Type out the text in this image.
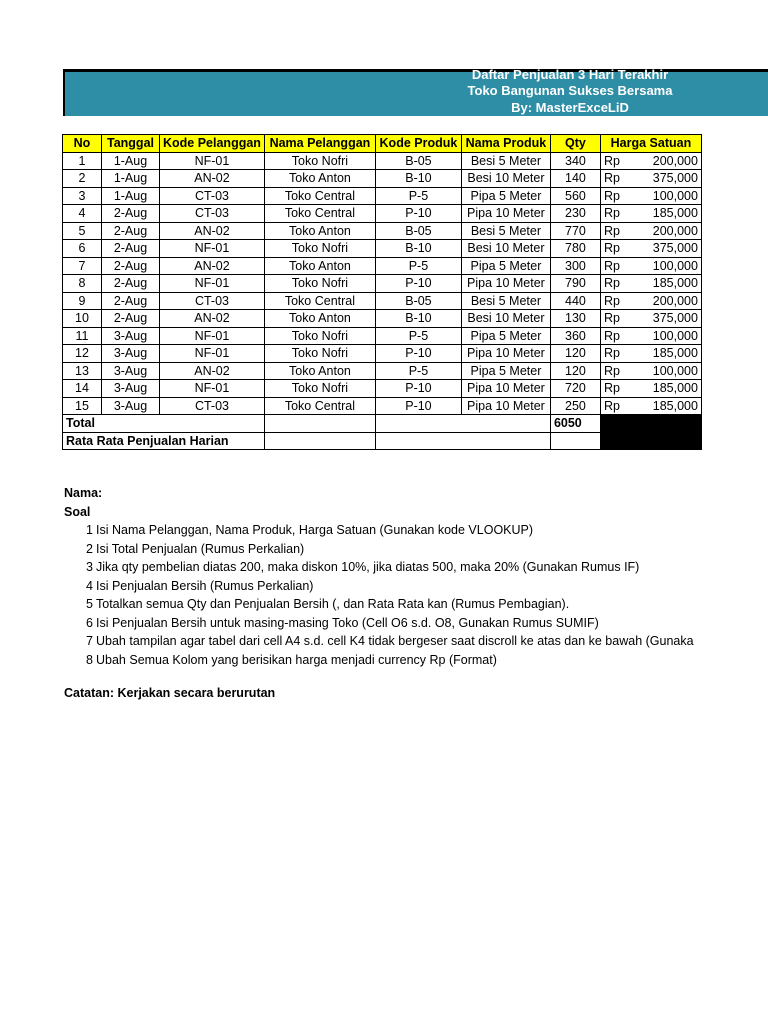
Daftar Penjualan 3 Hari Terakhir
Toko Bangunan Sukses Bersama
By: MasterExceLiD
No	Tanggal	Kode Pelanggan	Nama Pelanggan	Kode Produk	Nama Produk	Qty	Harga Satuan	
1	1-Aug	NF-01	Toko Nofri	B-05	Besi 5 Meter	340	Rp	200,000
2	1-Aug	AN-02	Toko Anton	B-10	Besi 10 Meter	140	Rp	375,000
3	1-Aug	CT-03	Toko Central	P-5	Pipa 5 Meter	560	Rp	100,000
4	2-Aug	CT-03	Toko Central	P-10	Pipa 10 Meter	230	Rp	185,000
5	2-Aug	AN-02	Toko Anton	B-05	Besi 5 Meter	770	Rp	200,000
6	2-Aug	NF-01	Toko Nofri	B-10	Besi 10 Meter	780	Rp	375,000
7	2-Aug	AN-02	Toko Anton	P-5	Pipa 5 Meter	300	Rp	100,000
8	2-Aug	NF-01	Toko Nofri	P-10	Pipa 10 Meter	790	Rp	185,000
9	2-Aug	CT-03	Toko Central	B-05	Besi 5 Meter	440	Rp	200,000
10	2-Aug	AN-02	Toko Anton	B-10	Besi 10 Meter	130	Rp	375,000
11	3-Aug	NF-01	Toko Nofri	P-5	Pipa 5 Meter	360	Rp	100,000
12	3-Aug	NF-01	Toko Nofri	P-10	Pipa 10 Meter	120	Rp	185,000
13	3-Aug	AN-02	Toko Anton	P-5	Pipa 5 Meter	120	Rp	100,000
14	3-Aug	NF-01	Toko Nofri	P-10	Pipa 10 Meter	720	Rp	185,000
15	3-Aug	CT-03	Toko Central	P-10	Pipa 10 Meter	250	Rp	185,000
Total						6050		
Rata Rata Penjualan Harian								
Nama:
Soal
1 Isi Nama Pelanggan, Nama Produk, Harga Satuan (Gunakan kode VLOOKUP)
2 Isi Total Penjualan (Rumus Perkalian)
3 Jika qty pembelian diatas 200, maka diskon 10%, jika diatas 500, maka 20% (Gunakan Rumus IF)
4 Isi Penjualan Bersih (Rumus Perkalian)
5 Totalkan semua Qty dan Penjualan Bersih (, dan Rata Rata kan (Rumus Pembagian).
6 Isi Penjualan Bersih untuk masing-masing Toko (Cell O6 s.d. O8, Gunakan Rumus SUMIF)
7 Ubah tampilan agar tabel dari cell A4 s.d. cell K4 tidak bergeser saat discroll ke atas dan ke bawah (Gunaka
8 Ubah Semua Kolom yang berisikan harga menjadi currency Rp (Format)
Catatan: Kerjakan secara berurutan
